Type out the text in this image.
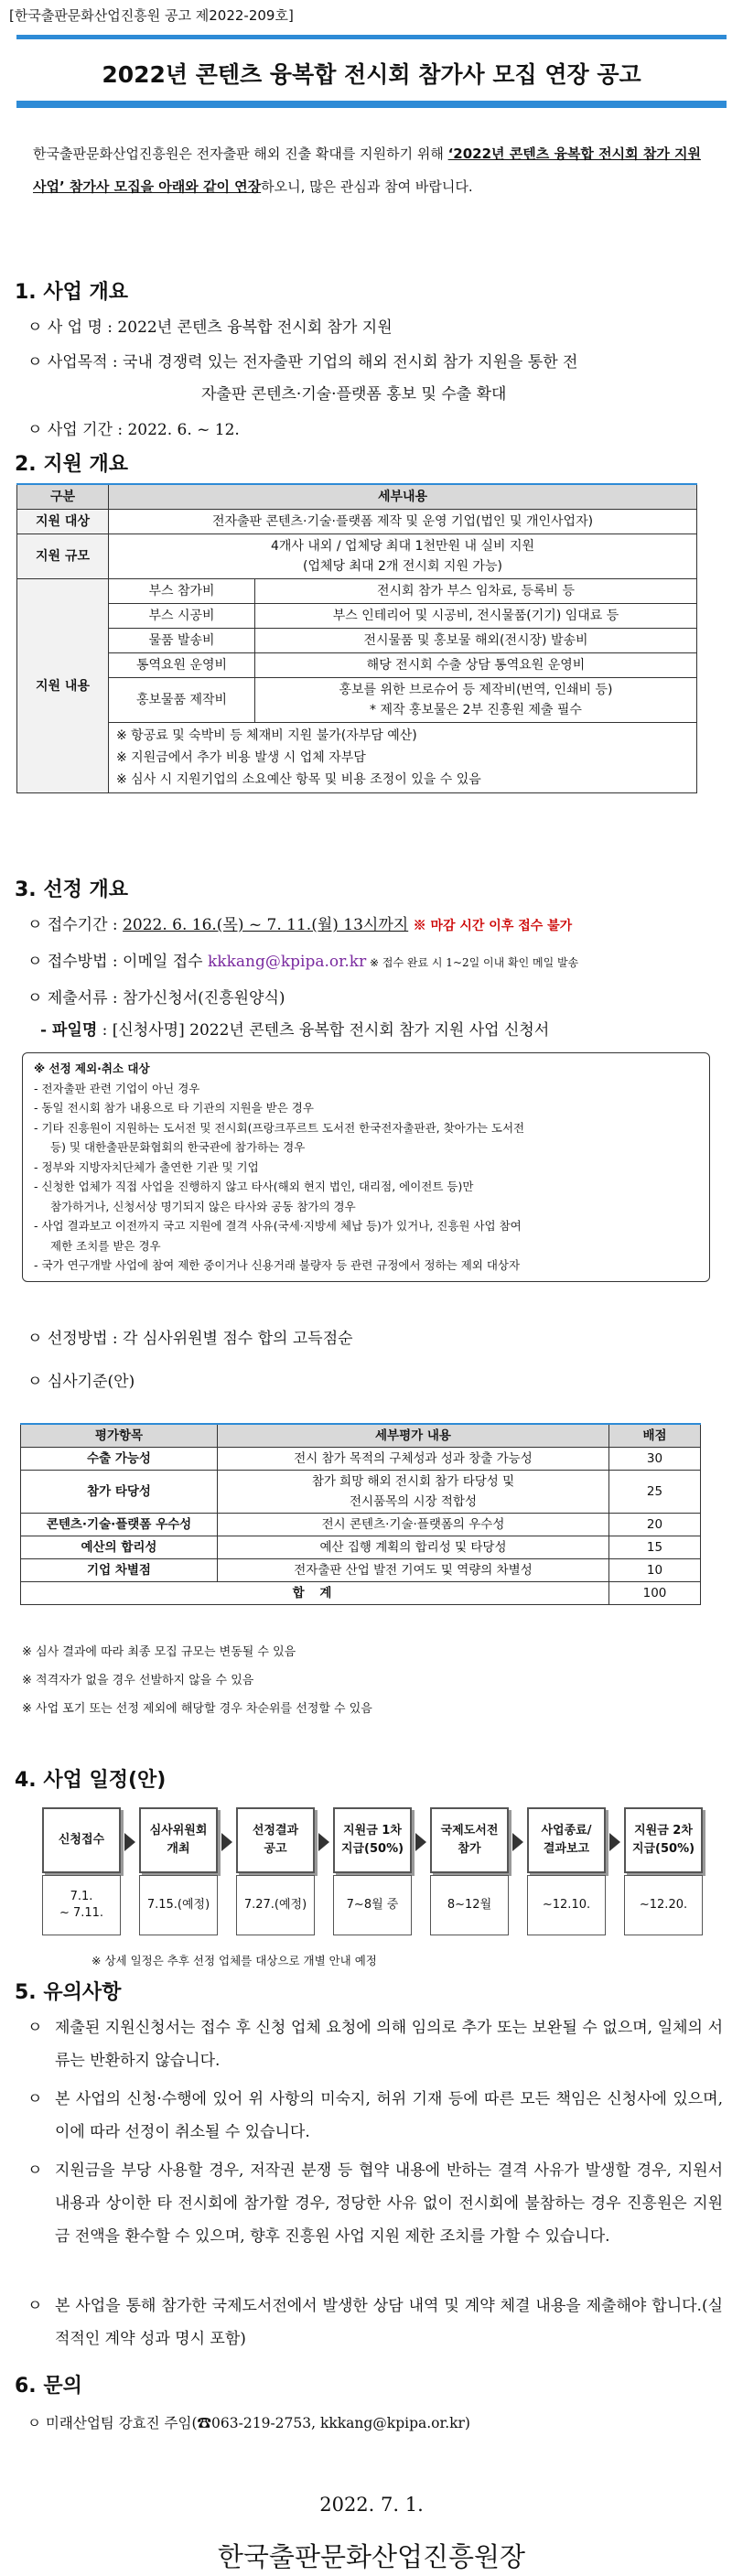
[한국출판문화산업진흥원 공고 제2022-209호]
2022년 콘텐츠 융복합 전시회 참가사 모집 연장 공고
한국출판문화산업진흥원은 전자출판 해외 진출 확대를 지원하기 위해 ‘2022년 콘텐츠 융복합 전시회 참가 지원 사업’ 참가사 모집을 아래와 같이 연장하오니, 많은 관심과 참여 바랍니다.
1. 사업 개요
ㅇ 사 업 명 : 2022년 콘텐츠 융복합 전시회 참가 지원
ㅇ 사업목적 : 국내 경쟁력 있는 전자출판 기업의 해외 전시회 참가 지원을 통한 전
자출판 콘텐츠·기술·플랫폼 홍보 및 수출 확대
ㅇ 사업 기간 : 2022. 6. ~ 12.
2. 지원 개요
구분	세부내용	
지원 대상	전자출판 콘텐츠·기술·플랫폼 제작 및 운영 기업(법인 및 개인사업자)	
지원 규모	4개사 내외 / 업체당 최대 1천만원 내 실비 지원
(업체당 최대 2개 전시회 지원 가능)	

지원 내용	부스 참가비	전시회 참가 부스 임차료, 등록비 등
	부스 시공비	부스 인테리어 및 시공비, 전시물품(기기) 임대료 등
	물품 발송비	전시물품 및 홍보물 해외(전시장) 발송비
	통역요원 운영비	해당 전시회 수출 상담 통역요원 운영비
	홍보물품 제작비	홍보를 위한 브로슈어 등 제작비(번역, 인쇄비 등)
* 제작 홍보물은 2부 진흥원 제출 필수

	※ 항공료 및 숙박비 등 체재비 지원 불가(자부담 예산)
※ 지원금에서 추가 비용 발생 시 업체 자부담
※ 심사 시 지원기업의 소요예산 항목 및 비용 조정이 있을 수 있음	
3. 선정 개요
ㅇ 접수기간 : 2022. 6. 16.(목) ~ 7. 11.(월) 13시까지 ※ 마감 시간 이후 접수 불가
ㅇ 접수방법 : 이메일 접수 kkkang@kpipa.or.kr ※ 접수 완료 시 1~2일 이내 확인 메일 발송
ㅇ 제출서류 : 참가신청서(진흥원양식)
- 파일명 : [신청사명] 2022년 콘텐츠 융복합 전시회 참가 지원 사업 신청서
※ 선정 제외·취소 대상
- 전자출판 관련 기업이 아닌 경우
- 동일 전시회 참가 내용으로 타 기관의 지원을 받은 경우
- 기타 진흥원이 지원하는 도서전 및 전시회(프랑크푸르트 도서전 한국전자출판관, 찾아가는 도서전
등) 및 대한출판문화협회의 한국관에 참가하는 경우
- 정부와 지방자치단체가 출연한 기관 및 기업
- 신청한 업체가 직접 사업을 진행하지 않고 타사(해외 현지 법인, 대리점, 에이전트 등)만
참가하거나, 신청서상 명기되지 않은 타사와 공동 참가의 경우
- 사업 결과보고 이전까지 국고 지원에 결격 사유(국세·지방세 체납 등)가 있거나, 진흥원 사업 참여
제한 조치를 받은 경우
- 국가 연구개발 사업에 참여 제한 중이거나 신용거래 불량자 등 관련 규정에서 정하는 제외 대상자
ㅇ 선정방법 : 각 심사위원별 점수 합의 고득점순
ㅇ 심사기준(안)
평가항목	세부평가 내용	배점
수출 가능성	전시 참가 목적의 구체성과 성과 창출 가능성	30
참가 타당성	참가 희망 해외 전시회 참가 타당성 및
전시품목의 시장 적합성	25
콘텐츠·기술·플랫폼 우수성	전시 콘텐츠·기술·플랫폼의 우수성	20
예산의 합리성	예산 집행 계획의 합리성 및 타당성	15
기업 차별점	전자출판 산업 발전 기여도 및 역량의 차별성	10
합 계		100
※ 심사 결과에 따라 최종 모집 규모는 변동될 수 있음
※ 적격자가 없을 경우 선발하지 않을 수 있음
※ 사업 포기 또는 선정 제외에 해당할 경우 차순위를 선정할 수 있음
4. 사업 일정(안)
신청접수
7.1.
~ 7.11.
심사위원회
개최
7.15.(예정)
선정결과
공고
7.27.(예정)
지원금 1차
지급(50%)
7~8월 중
국제도서전
참가
8~12월
사업종료/
결과보고
~12.10.
지원금 2차
지급(50%)
~12.20.
※ 상세 일정은 추후 선정 업체를 대상으로 개별 안내 예정
5. 유의사항
ㅇ 제출된 지원신청서는 접수 후 신청 업체 요청에 의해 임의로 추가 또는 보완될 수 없으며, 일체의 서류는 반환하지 않습니다.
ㅇ 본 사업의 신청·수행에 있어 위 사항의 미숙지, 허위 기재 등에 따른 모든 책임은 신청사에 있으며, 이에 따라 선정이 취소될 수 있습니다.
ㅇ 지원금을 부당 사용할 경우, 저작권 분쟁 등 협약 내용에 반하는 결격 사유가 발생할 경우, 지원서 내용과 상이한 타 전시회에 참가할 경우, 정당한 사유 없이 전시회에 불참하는 경우 진흥원은 지원금 전액을 환수할 수 있으며, 향후 진흥원 사업 지원 제한 조치를 가할 수 있습니다.
ㅇ 본 사업을 통해 참가한 국제도서전에서 발생한 상담 내역 및 계약 체결 내용을 제출해야 합니다.(실적적인 계약 성과 명시 포함)
6. 문의
ㅇ 미래산업팀 강효진 주임(☎063-219-2753, kkkang@kpipa.or.kr)
2022. 7. 1.
한국출판문화산업진흥원장
